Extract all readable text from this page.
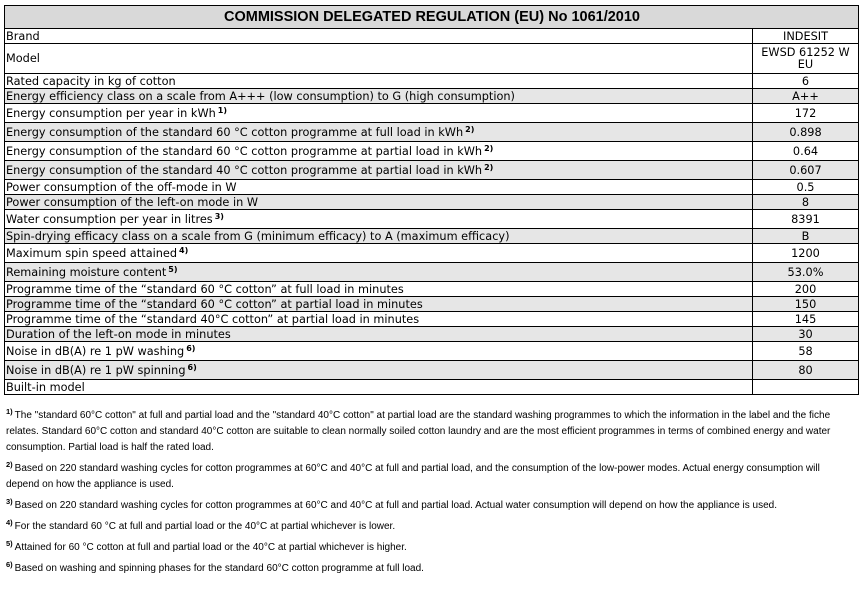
COMMISSION DELEGATED REGULATION (EU) No 1061/2010	
Brand	INDESIT
Model	EWSD 61252 W EU
Rated capacity in kg of cotton	6
Energy efficiency class on a scale from A+++ (low consumption) to G (high consumption)	A++
Energy consumption per year in kWh $^{1)}$	172
Energy consumption of the standard 60 °C cotton programme at full load in kWh $^{2)}$	0.898
Energy consumption of the standard 60 °C cotton programme at partial load in kWh $^{2)}$	0.64
Energy consumption of the standard 40 °C cotton programme at partial load in kWh $^{2)}$	0.607
Power consumption of the off-mode in W	0.5
Power consumption of the left-on mode in W	8
Water consumption per year in litres $^{3)}$	8391
Spin-drying efficacy class on a scale from G (minimum efficacy) to A (maximum efficacy)	B
Maximum spin speed attained $^{4)}$	1200
Remaining moisture content $^{5)}$	53.0%
Programme time of the “standard 60 °C cotton” at full load in minutes	200
Programme time of the “standard 60 °C cotton” at partial load in minutes	150
Programme time of the “standard 40°C cotton” at partial load in minutes	145
Duration of the left-on mode in minutes	30
Noise in dB(A) re 1 pW washing $^{6)}$	58
Noise in dB(A) re 1 pW spinning $^{6)}$	80
Built-in model	

$^{1)}$ The "standard 60°C cotton" at full and partial load and the "standard 40°C cotton" at partial load are the standard washing programmes to which the information in the label and the fiche relates. Standard 60°C cotton and standard 40°C cotton are suitable to clean normally soiled cotton laundry and are the most efficient programmes in terms of combined energy and water consumption. Partial load is half the rated load.

$^{2)}$ Based on 220 standard washing cycles for cotton programmes at 60°C and 40°C at full and partial load, and the consumption of the low-power modes. Actual energy consumption will depend on how the appliance is used.

$^{3)}$ Based on 220 standard washing cycles for cotton programmes at 60°C and 40°C at full and partial load. Actual water consumption will depend on how the appliance is used.

$^{4)}$ For the standard 60 °C at full and partial load or the 40°C at partial whichever is lower.

$^{5)}$ Attained for 60 °C cotton at full and partial load or the 40°C at partial whichever is higher.

$^{6)}$ Based on washing and spinning phases for the standard 60°C cotton programme at full load.
